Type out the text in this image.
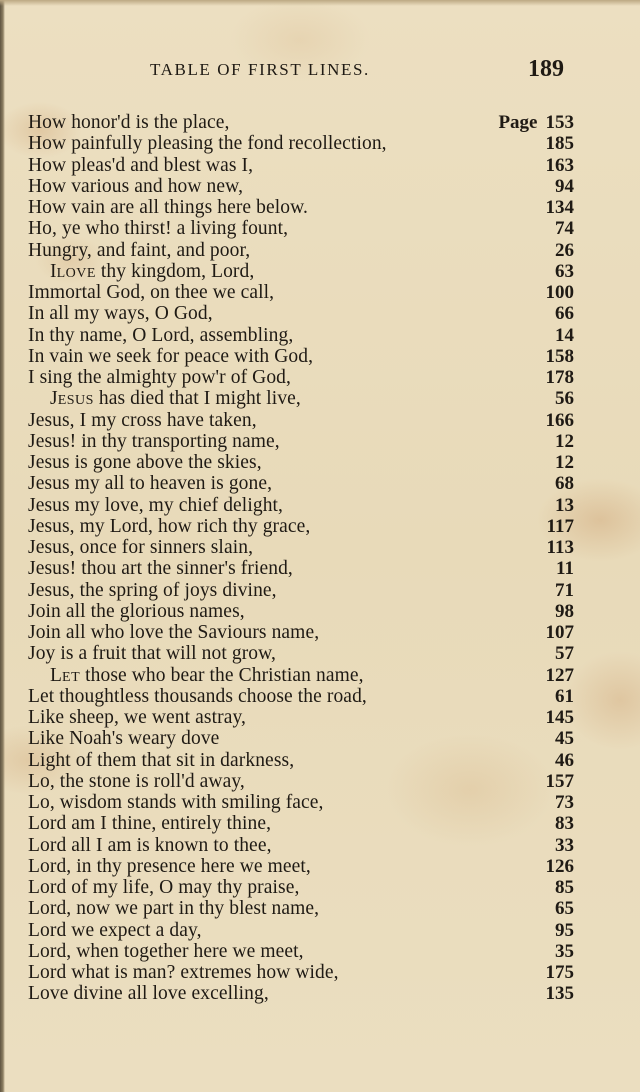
TABLE OF FIRST LINES.	189
How honor'd is the place,	Page 153
How painfully pleasing the fond recollection,	185
How pleas'd and blest was I,	163
How various and how new,	94
How vain are all things here below.	134
Ho, ye who thirst! a living fount,	74
Hungry, and faint, and poor,	26
ILOVE thy kingdom, Lord,	63
Immortal God, on thee we call,	100
In all my ways, O God,	66
In thy name, O Lord, assembling,	14
In vain we seek for peace with God,	158
I sing the almighty pow'r of God,	178
JESUS has died that I might live,	56
Jesus, I my cross have taken,	166
Jesus! in thy transporting name,	12
Jesus is gone above the skies,	12
Jesus my all to heaven is gone,	68
Jesus my love, my chief delight,	13
Jesus, my Lord, how rich thy grace,	117
Jesus, once for sinners slain,	113
Jesus! thou art the sinner's friend,	11
Jesus, the spring of joys divine,	71
Join all the glorious names,	98
Join all who love the Saviours name,	107
Joy is a fruit that will not grow,	57
LET those who bear the Christian name,	127
Let thoughtless thousands choose the road,	61
Like sheep, we went astray,	145
Like Noah's weary dove	45
Light of them that sit in darkness,	46
Lo, the stone is roll'd away,	157
Lo, wisdom stands with smiling face,	73
Lord am I thine, entirely thine,	83
Lord all I am is known to thee,	33
Lord, in thy presence here we meet,	126
Lord of my life, O may thy praise,	85
Lord, now we part in thy blest name,	65
Lord we expect a day,	95
Lord, when together here we meet,	35
Lord what is man? extremes how wide,	175
Love divine all love excelling,	135
